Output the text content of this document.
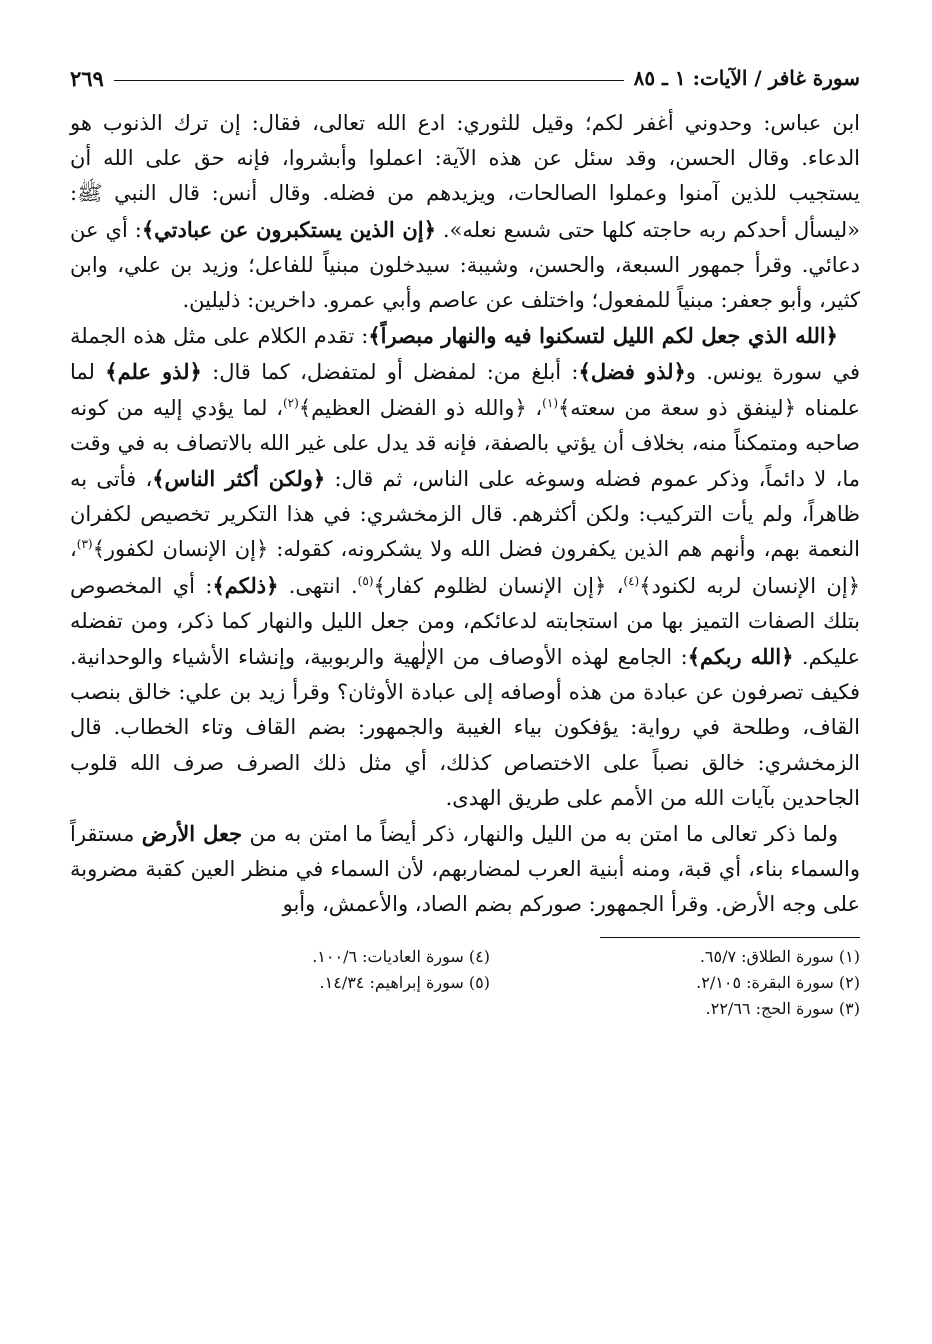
سورة غافر / الآيات: ١ ـ ٨٥
٢٦٩

ابن عباس: وحدوني أغفر لكم؛ وقيل للثوري: ادع الله تعالى، فقال: إن ترك الذنوب هو الدعاء. وقال الحسن، وقد سئل عن هذه الآية: اعملوا وأبشروا، فإنه حق على الله أن يستجيب للذين آمنوا وعملوا الصالحات، ويزيدهم من فضله. وقال أنس: قال النبي ﷺ: «ليسأل أحدكم ربه حاجته كلها حتى شسع نعله». ﴿إن الذين يستكبرون عن عبادتي﴾: أي عن دعائي. وقرأ جمهور السبعة، والحسن، وشيبة: سيدخلون مبنياً للفاعل؛ وزيد بن علي، وابن كثير، وأبو جعفر: مبنياً للمفعول؛ واختلف عن عاصم وأبي عمرو. داخرين: ذليلين.

﴿الله الذي جعل لكم الليل لتسكنوا فيه والنهار مبصراً﴾: تقدم الكلام على مثل هذه الجملة في سورة يونس. و﴿لذو فضل﴾: أبلغ من: لمفضل أو لمتفضل، كما قال: ﴿لذو علم﴾ لما علمناه ﴿لينفق ذو سعة من سعته﴾$^{(١)}$، ﴿والله ذو الفضل العظيم﴾$^{(٢)}$، لما يؤدي إليه من كونه صاحبه ومتمكناً منه، بخلاف أن يؤتي بالصفة، فإنه قد يدل على غير الله بالاتصاف به في وقت ما، لا دائماً، وذكر عموم فضله وسوغه على الناس، ثم قال: ﴿ولكن أكثر الناس﴾، فأتى به ظاهراً، ولم يأت التركيب: ولكن أكثرهم. قال الزمخشري: في هذا التكرير تخصيص لكفران النعمة بهم، وأنهم هم الذين يكفرون فضل الله ولا يشكرونه، كقوله: ﴿إن الإنسان لكفور﴾$^{(٣)}$، ﴿إن الإنسان لربه لكنود﴾$^{(٤)}$، ﴿إن الإنسان لظلوم كفار﴾$^{(٥)}$. انتهى. ﴿ذلكم﴾: أي المخصوص بتلك الصفات التميز بها من استجابته لدعائكم، ومن جعل الليل والنهار كما ذكر، ومن تفضله عليكم. ﴿الله ربكم﴾: الجامع لهذه الأوصاف من الإلٰهية والربوبية، وإنشاء الأشياء والوحدانية. فكيف تصرفون عن عبادة من هذه أوصافه إلى عبادة الأوثان؟ وقرأ زيد بن علي: خالق بنصب القاف، وطلحة في رواية: يؤفكون بياء الغيبة والجمهور: بضم القاف وتاء الخطاب. قال الزمخشري: خالق نصباً على الاختصاص كذلك، أي مثل ذلك الصرف صرف الله قلوب الجاحدين بآيات الله من الأمم على طريق الهدى.

ولما ذكر تعالى ما امتن به من الليل والنهار، ذكر أيضاً ما امتن به من جعل الأرض مستقراً والسماء بناء، أي قبة، ومنه أبنية العرب لمضاربهم، لأن السماء في منظر العين كقبة مضروبة على وجه الأرض. وقرأ الجمهور: صوركم بضم الصاد، والأعمش، وأبو

(١) سورة الطلاق: ٦٥/٧.
(٤) سورة العاديات: ١٠٠/٦.
(٢) سورة البقرة: ٢/١٠٥.
(٥) سورة إبراهيم: ١٤/٣٤.
(٣) سورة الحج: ٢٢/٦٦.
